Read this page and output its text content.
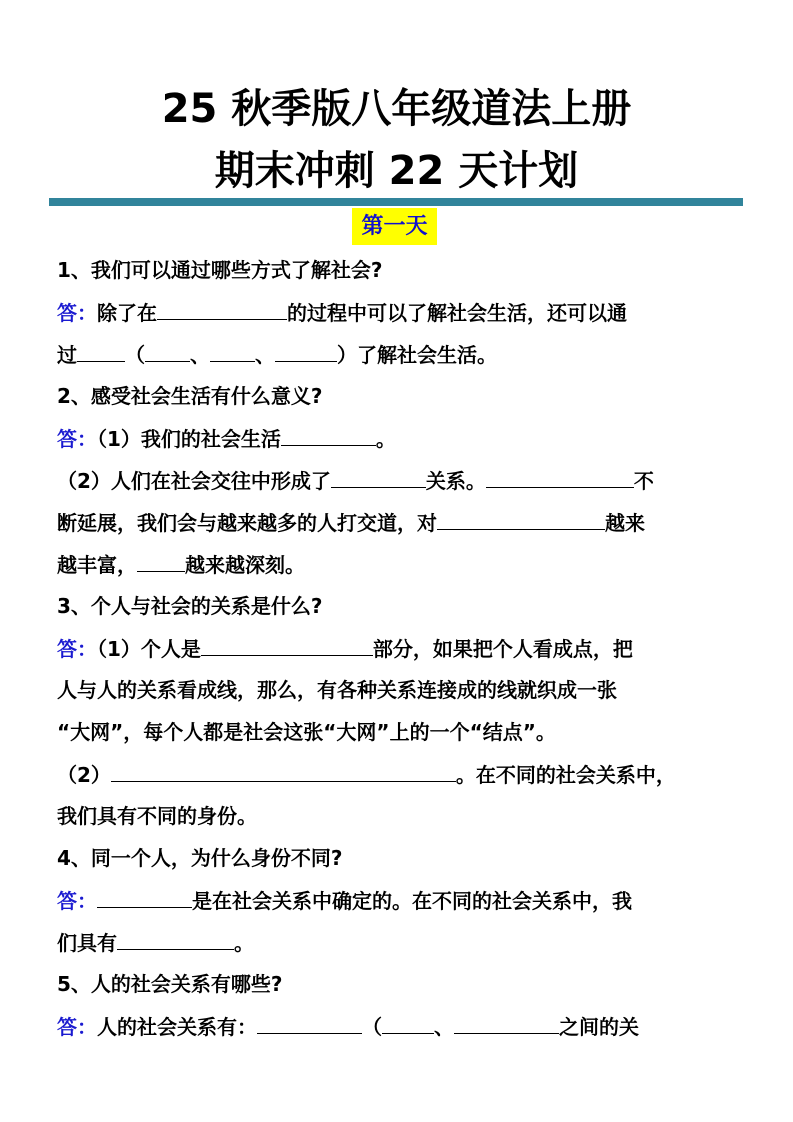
25 秋季版八年级道法上册
期末冲刺 22 天计划
第一天
1、我们可以通过哪些方式了解社会?
答：除了在	的过程中可以了解社会生活，还可以通
过 （ 、 、	）了解社会生活。
2、感受社会生活有什么意义?
答：（1）我们的社会生活	。
（2）人们在社会交往中形成了	关系。	不
断延展，我们会与越来越多的人打交道，对	越来
越丰富， 越来越深刻。
3、个人与社会的关系是什么?
答：（1）个人是	部分，如果把个人看成点，把
人与人的关系看成线，那么，有各种关系连接成的线就织成一张
“大网”，每个人都是社会这张“大网”上的一个“结点”。
（2）	。在不同的社会关系中，
我们具有不同的身份。
4、同一个人，为什么身份不同?
答：	是在社会关系中确定的。在不同的社会关系中，我
们具有	。
5、人的社会关系有哪些?
答：人的社会关系有：	（	、	之间的关
